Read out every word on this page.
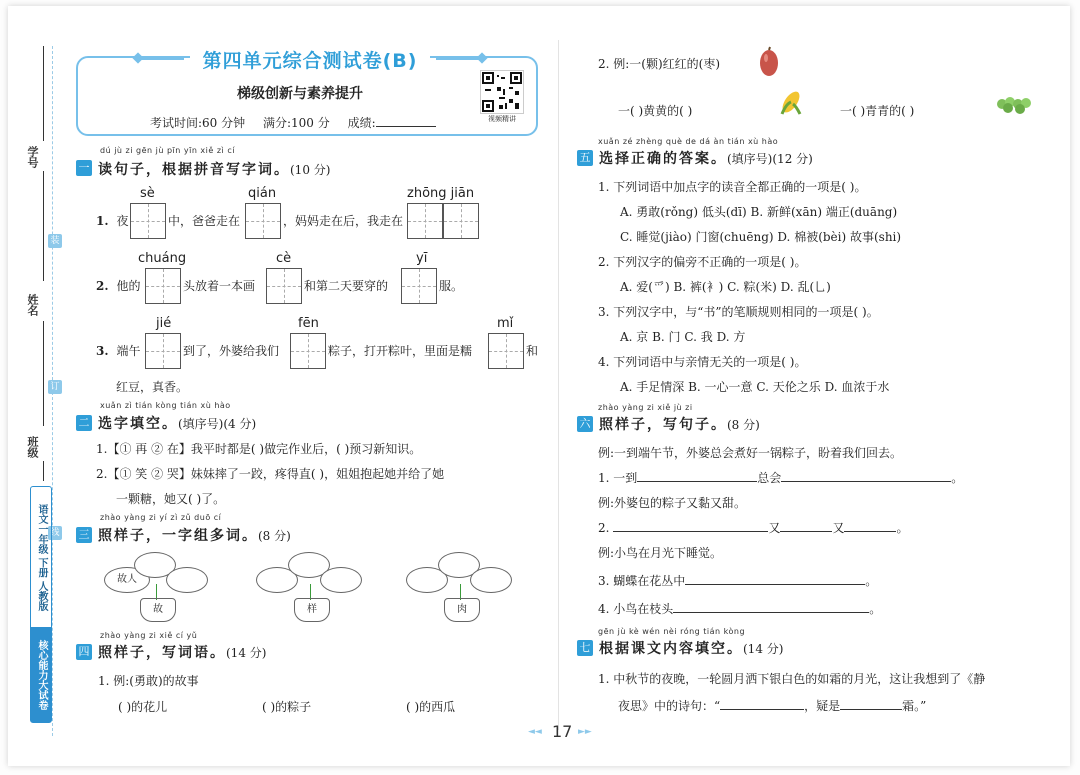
学号
姓名
班级
装
订
线
语文一年级 下册 人教版
核心能力大试卷
第四单元综合测试卷(B)
梯级创新与素养提升
考试时间:60 分钟 满分:100 分 成绩:	视频精讲
dú jù zi gēn jù pīn yīn xiě zì cí
一 读句子，根据拼音写字词。(10 分)
sè	qián	zhōng jiān
1. 夜	中，爸爸走在	，妈妈走在后，我走在
chuáng	cè	yī
2. 他的	头放着一本画	和第二天要穿的	服。
jié	fēn	mǐ
3. 端午	到了，外婆给我们	粽子，打开粽叶，里面是糯	和
红豆，真香。
xuǎn zì tián kòng tián xù hào
二 选字填空。(填序号)(4 分)
1.【① 再 ② 在】我平时都是( )做完作业后，( )预习新知识。
2.【① 笑 ② 哭】妹妹摔了一跤，疼得直( )，姐姐抱起她并给了她
一颗糖，她又( )了。
zhào yàng zi yí zì zǔ duō cí
三 照样子，一字组多词。(8 分)
故人
故	样	肉
zhào yàng zi xiě cí yǔ
四 照样子，写词语。(14 分)
1. 例:(勇敢)的故事
( )的花儿	( )的粽子	( )的西瓜
2. 例:一(颗)红红的(枣)
一( )黄黄的( )	一( )青青的( )
xuǎn zé zhèng què de dá àn tián xù hào
五 选择正确的答案。(填序号)(12 分)
1. 下列词语中加点字的读音全都正确的一项是( )。
A. 勇敢(rǒng) 低头(dī) B. 新鲜(xān) 端正(duāng)
C. 睡觉(jiào) 门窗(chuēng) D. 棉被(bèi) 故事(shi)
2. 下列汉字的偏旁不正确的一项是( )。
A. 爱(爫) B. 裤(衤) C. 粽(米) D. 乱(乚)
3. 下列汉字中，与“书”的笔顺规则相同的一项是( )。
A. 京 B. 门 C. 我 D. 方
4. 下列词语中与亲情无关的一项是( )。
A. 手足情深 B. 一心一意 C. 天伦之乐 D. 血浓于水
zhào yàng zi xiě jù zi
六 照样子，写句子。(8 分)
例:一到端午节，外婆总会煮好一锅粽子，盼着我们回去。
1. 一到	总会	。
例:外婆包的粽子又黏又甜。
2.	又	又	。
例:小鸟在月光下睡觉。
3. 蝴蝶在花丛中	。
4. 小鸟在枝头	。
gēn jù kè wén nèi róng tián kòng
七 根据课文内容填空。(14 分)
1. 中秋节的夜晚，一轮圆月洒下银白色的如霜的月光，这让我想到了《静
夜思》中的诗句：“	，疑是	霜。”
◄◄ 17 ►►
